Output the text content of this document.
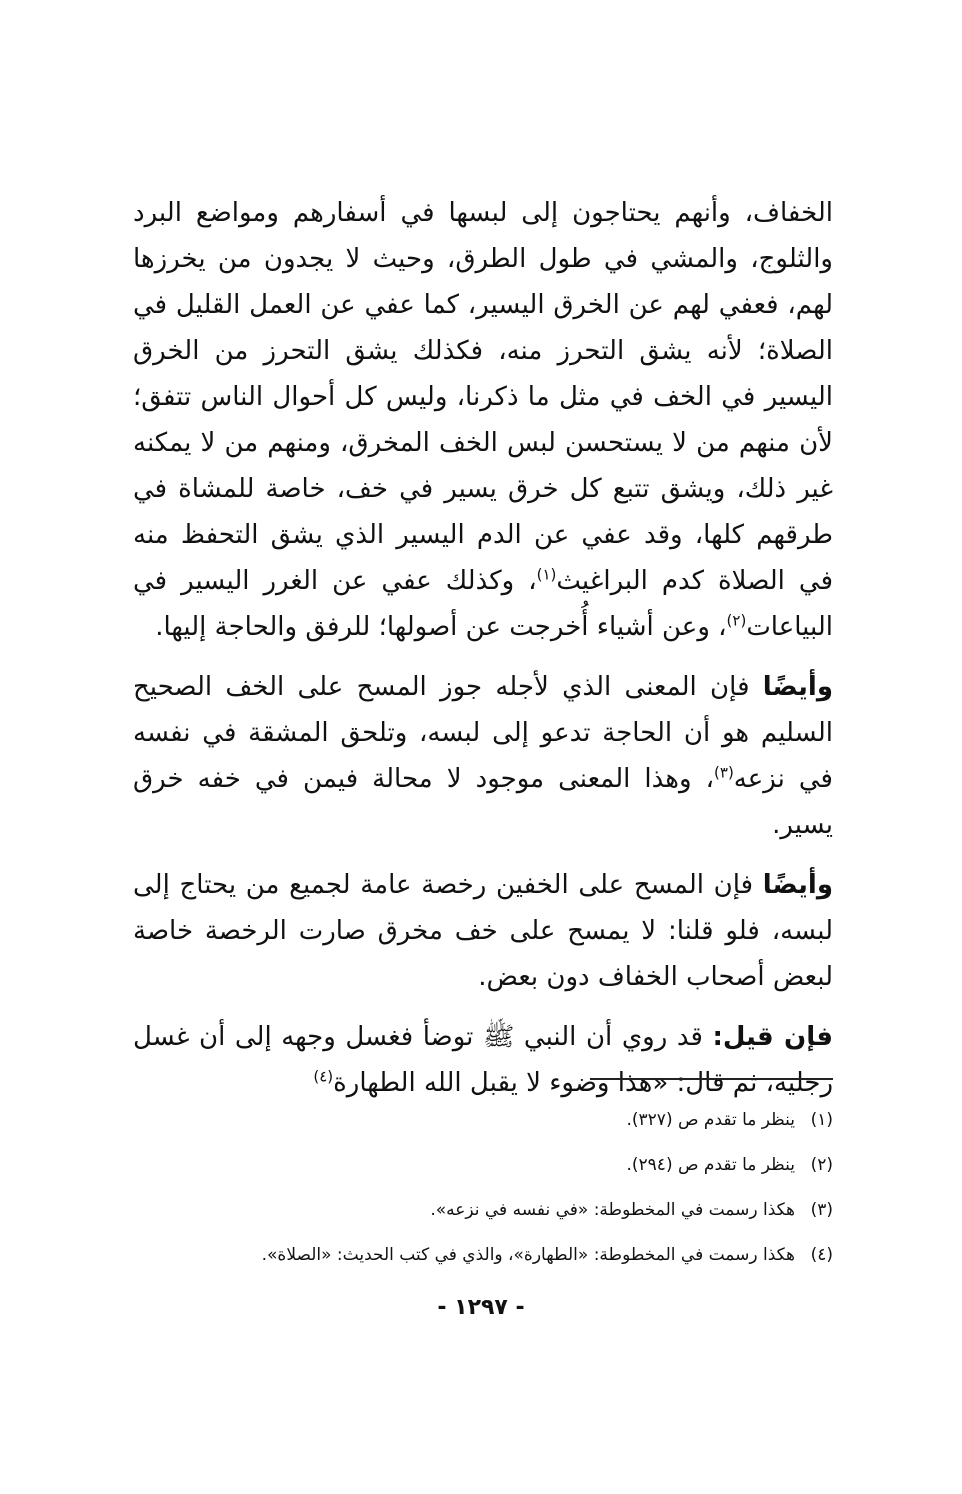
الخفاف، وأنهم يحتاجون إلى لبسها في أسفارهم ومواضع البرد والثلوج، والمشي في طول الطرق، وحيث لا يجدون من يخرزها لهم، فعفي لهم عن الخرق اليسير، كما عفي عن العمل القليل في الصلاة؛ لأنه يشق التحرز منه، فكذلك يشق التحرز من الخرق اليسير في الخف في مثل ما ذكرنا، وليس كل أحوال الناس تتفق؛ لأن منهم من لا يستحسن لبس الخف المخرق، ومنهم من لا يمكنه غير ذلك، ويشق تتبع كل خرق يسير في خف، خاصة للمشاة في طرقهم كلها، وقد عفي عن الدم اليسير الذي يشق التحفظ منه في الصلاة كدم البراغيث$^{(١)}$، وكذلك عفي عن الغرر اليسير في البياعات$^{(٢)}$، وعن أشياء أُخرجت عن أصولها؛ للرفق والحاجة إليها.

وأيضًا فإن المعنى الذي لأجله جوز المسح على الخف الصحيح السليم هو أن الحاجة تدعو إلى لبسه، وتلحق المشقة في نفسه في نزعه$^{(٣)}$، وهذا المعنى موجود لا محالة فيمن في خفه خرق يسير.

وأيضًا فإن المسح على الخفين رخصة عامة لجميع من يحتاج إلى لبسه، فلو قلنا: لا يمسح على خف مخرق صارت الرخصة خاصة لبعض أصحاب الخفاف دون بعض.

فإن قيل: قد روي أن النبي ﷺ توضأ فغسل وجهه إلى أن غسل رجليه، ثم قال: «هذا وضوء لا يقبل الله الطهارة$^{(٤)}$

(١)
ينظر ما تقدم ص (٣٢٧).
(٢)
ينظر ما تقدم ص (٢٩٤).
(٣)
هكذا رسمت في المخطوطة: «في نفسه في نزعه».
(٤)
هكذا رسمت في المخطوطة: «الطهارة»، والذي في كتب الحديث: «الصلاة».
- ١٢٩٧ -
